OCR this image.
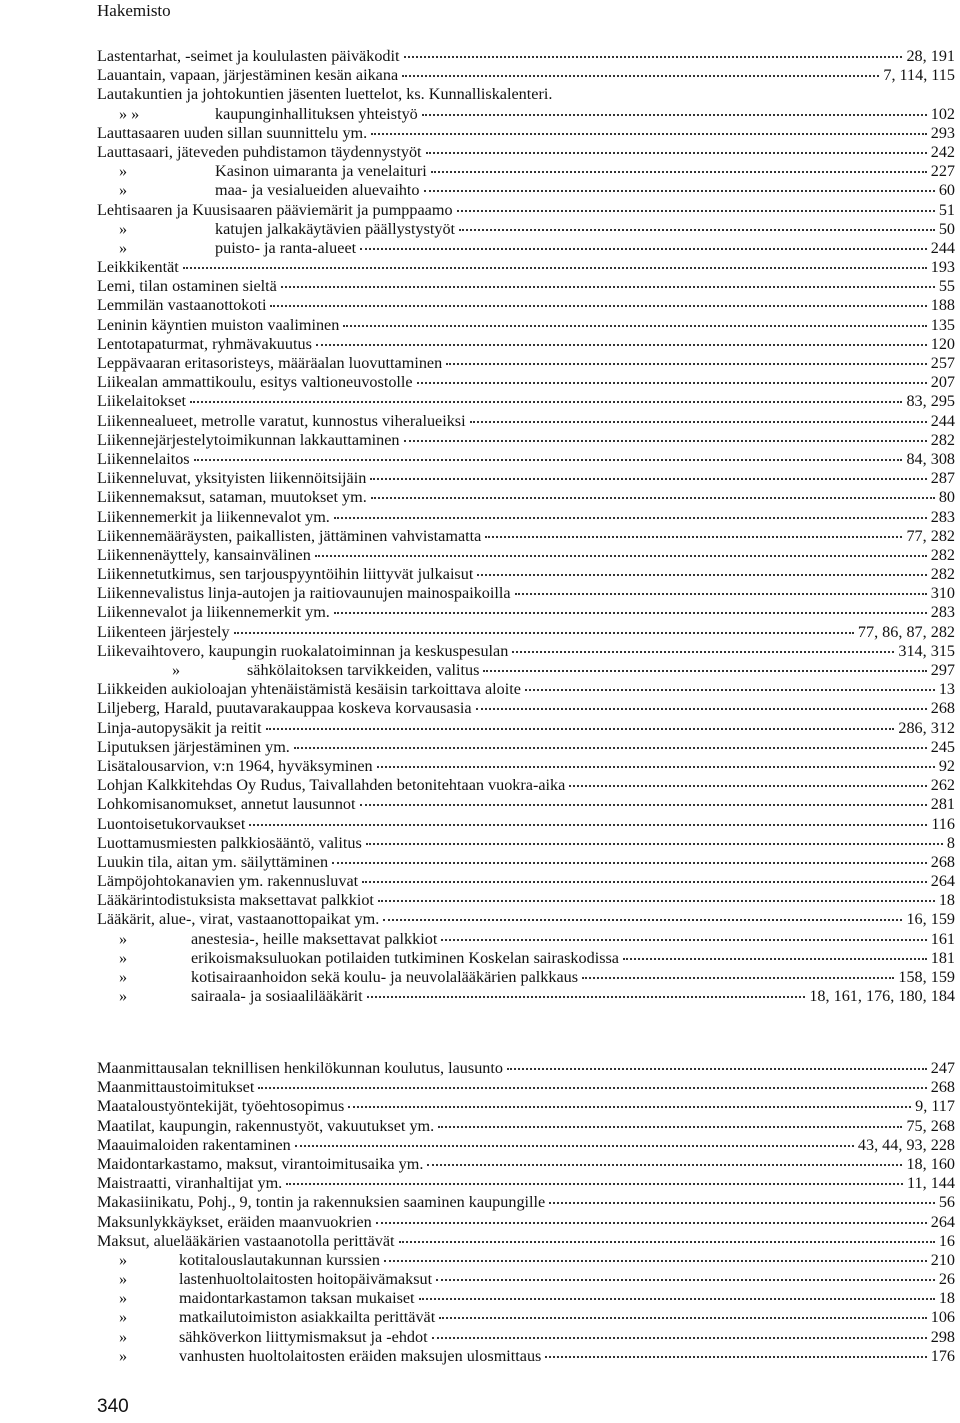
Hakemisto
Lastentarhat, -seimet ja koululasten päiväkodit	28, 191
Lauantain, vapaan, järjestäminen kesän aikana	7, 114, 115
Lautakuntien ja johtokuntien jäsenten luettelot, ks. Kunnalliskalenteri.
» »	kaupunginhallituksen yhteistyö	102
Lauttasaaren uuden sillan suunnittelu ym.	293
Lauttasaari, jäteveden puhdistamon täydennystyöt	242
»	Kasinon uimaranta ja venelaituri	227
»	maa- ja vesialueiden aluevaihto	60
Lehtisaaren ja Kuusisaaren pääviemärit ja pumppaamo	51
»	katujen jalkakäytävien päällystystyöt	50
»	puisto- ja ranta-alueet	244
Leikkikentät	193
Lemi, tilan ostaminen sieltä	55
Lemmilän vastaanottokoti	188
Leninin käyntien muiston vaaliminen	135
Lentotapaturmat, ryhmävakuutus	120
Leppävaaran eritasoristeys, määräalan luovuttaminen	257
Liikealan ammattikoulu, esitys valtioneuvostolle	207
Liikelaitokset	83, 295
Liikennealueet, metrolle varatut, kunnostus viheralueiksi	244
Liikennejärjestelytoimikunnan lakkauttaminen	282
Liikennelaitos	84, 308
Liikenneluvat, yksityisten liikennöitsijäin	287
Liikennemaksut, sataman, muutokset ym.	80
Liikennemerkit ja liikennevalot ym.	283
Liikennemääräysten, paikallisten, jättäminen vahvistamatta	77, 282
Liikennenäyttely, kansainvälinen	282
Liikennetutkimus, sen tarjouspyyntöihin liittyvät julkaisut	282
Liikennevalistus linja-autojen ja raitiovaunujen mainospaikoilla	310
Liikennevalot ja liikennemerkit ym.	283
Liikenteen järjestely	77, 86, 87, 282
Liikevaihtovero, kaupungin ruokalatoiminnan ja keskuspesulan	314, 315
»	sähkölaitoksen tarvikkeiden, valitus	297
Liikkeiden aukioloajan yhtenäistämistä kesäisin tarkoittava aloite	13
Liljeberg, Harald, puutavarakauppaa koskeva korvausasia	268
Linja-autopysäkit ja reitit	286, 312
Liputuksen järjestäminen ym.	245
Lisätalousarvion, v:n 1964, hyväksyminen	92
Lohjan Kalkkitehdas Oy Rudus, Taivallahden betonitehtaan vuokra-aika	262
Lohkomisanomukset, annetut lausunnot	281
Luontoisetukorvaukset	116
Luottamusmiesten palkkiosääntö, valitus	8
Luukin tila, aitan ym. säilyttäminen	268
Lämpöjohtokanavien ym. rakennusluvat	264
Lääkärintodistuksista maksettavat palkkiot	18
Lääkärit, alue-, virat, vastaanottopaikat ym.	16, 159
»	anestesia-, heille maksettavat palkkiot	161
»	erikoismaksuluokan potilaiden tutkiminen Koskelan sairaskodissa	181
»	kotisairaanhoidon sekä koulu- ja neuvolalääkärien palkkaus	158, 159
»	sairaala- ja sosiaalilääkärit	18, 161, 176, 180, 184
Maanmittausalan teknillisen henkilökunnan koulutus, lausunto	247
Maanmittaustoimitukset	268
Maataloustyöntekijät, työehtosopimus	9, 117
Maatilat, kaupungin, rakennustyöt, vakuutukset ym.	75, 268
Maauimaloiden rakentaminen	43, 44, 93, 228
Maidontarkastamo, maksut, virantoimitusaika ym.	18, 160
Maistraatti, viranhaltijat ym.	11, 144
Makasiinikatu, Pohj., 9, tontin ja rakennuksien saaminen kaupungille	56
Maksunlykkäykset, eräiden maanvuokrien	264
Maksut, aluelääkärien vastaanotolla perittävät	16
»	kotitalouslautakunnan kurssien	210
»	lastenhuoltolaitosten hoitopäivämaksut	26
»	maidontarkastamon taksan mukaiset	18
»	matkailutoimiston asiakkailta perittävät	106
»	sähköverkon liittymismaksut ja -ehdot	298
»	vanhusten huoltolaitosten eräiden maksujen ulosmittaus	176
340
